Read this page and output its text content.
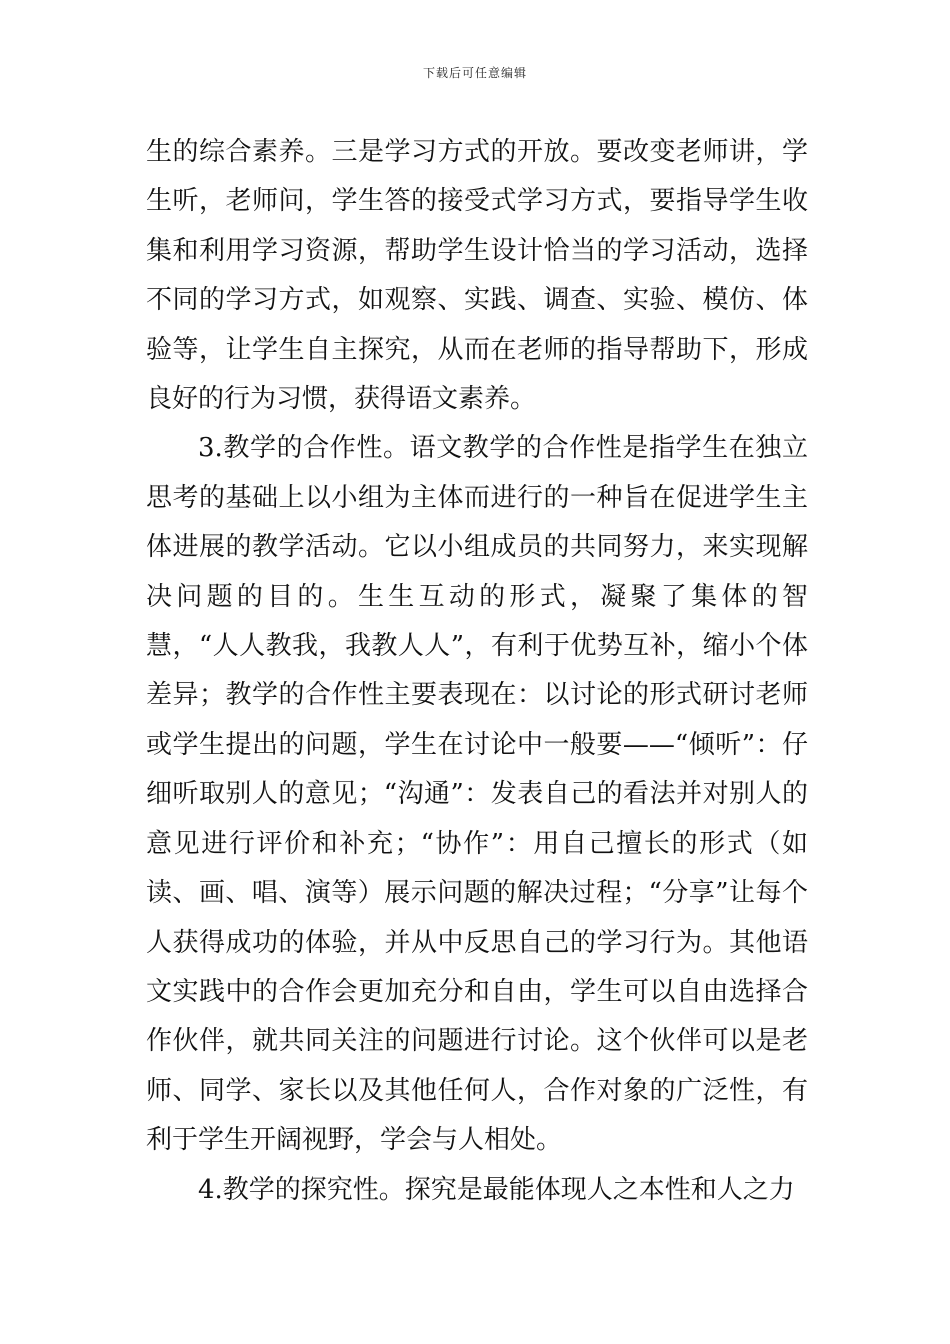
下载后可任意编辑

生的综合素养。三是学习方式的开放。要改变老师讲，学生听，老师问，学生答的接受式学习方式，要指导学生收集和利用学习资源，帮助学生设计恰当的学习活动，选择不同的学习方式，如观察、实践、调查、实验、模仿、体验等，让学生自主探究，从而在老师的指导帮助下，形成良好的行为习惯，获得语文素养。

3.教学的合作性。语文教学的合作性是指学生在独立思考的基础上以小组为主体而进行的一种旨在促进学生主体进展的教学活动。它以小组成员的共同努力，来实现解决问题的目的。生生互动的形式，凝聚了集体的智慧，“人人教我，我教人人”，有利于优势互补，缩小个体差异；教学的合作性主要表现在：以讨论的形式研讨老师或学生提出的问题，学生在讨论中一般要——“倾听”：仔细听取别人的意见；“沟通”：发表自己的看法并对别人的意见进行评价和补充；“协作”：用自己擅长的形式（如读、画、唱、演等）展示问题的解决过程；“分享”让每个人获得成功的体验，并从中反思自己的学习行为。其他语文实践中的合作会更加充分和自由，学生可以自由选择合作伙伴，就共同关注的问题进行讨论。这个伙伴可以是老师、同学、家长以及其他任何人，合作对象的广泛性，有利于学生开阔视野，学会与人相处。

4.教学的探究性。探究是最能体现人之本性和人之力
